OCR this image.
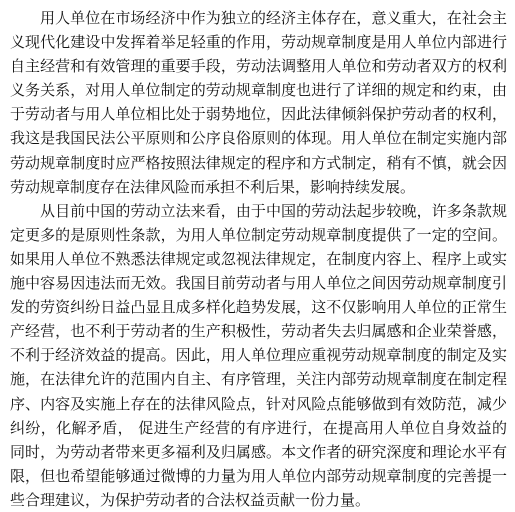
用人单位在市场经济中作为独立的经济主体存在，意义重大，在社会主义现代化建设中发挥着举足轻重的作用，劳动规章制度是用人单位内部进行自主经营和有效管理的重要手段，劳动法调整用人单位和劳动者双方的权利义务关系，对用人单位制定的劳动规章制度也进行了详细的规定和约束，由于劳动者与用人单位相比处于弱势地位，因此法律倾斜保护劳动者的权利，我这是我国民法公平原则和公序良俗原则的体现。用人单位在制定实施内部劳动规章制度时应严格按照法律规定的程序和方式制定，稍有不慎，就会因劳动规章制度存在法律风险而承担不利后果，影响持续发展。

从目前中国的劳动立法来看，由于中国的劳动法起步较晚，许多条款规定更多的是原则性条款，为用人单位制定劳动规章制度提供了一定的空间。如果用人单位不熟悉法律规定或忽视法律规定，在制度内容上、程序上或实施中容易因违法而无效。我国目前劳动者与用人单位之间因劳动规章制度引发的劳资纠纷日益凸显且成多样化趋势发展，这不仅影响用人单位的正常生产经营，也不利于劳动者的生产积极性，劳动者失去归属感和企业荣誉感，不利于经济效益的提高。因此，用人单位理应重视劳动规章制度的制定及实施，在法律允许的范围内自主、有序管理，关注内部劳动规章制度在制定程序、内容及实施上存在的法律风险点，针对风险点能够做到有效防范，减少纠纷，化解矛盾， 促进生产经营的有序进行，在提高用人单位自身效益的同时，为劳动者带来更多福利及归属感。本文作者的研究深度和理论水平有限，但也希望能够通过微博的力量为用人单位内部劳动规章制度的完善提一些合理建议，为保护劳动者的合法权益贡献一份力量。
